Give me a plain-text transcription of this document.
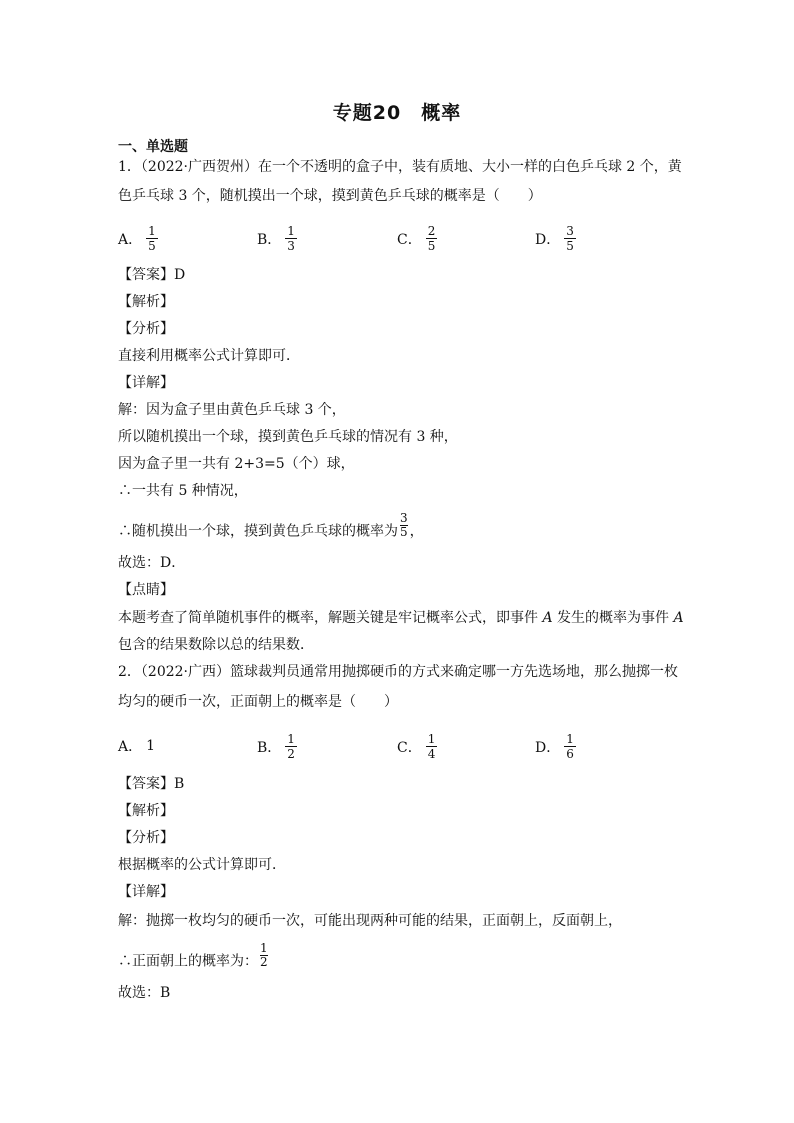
专题20　概率
一、单选题
1．（2022·广西贺州）在一个不透明的盒子中，装有质地、大小一样的白色乒乓球 2 个，黄
色乒乓球 3 个，随机摸出一个球，摸到黄色乒乓球的概率是（　　）
A． $\frac{1}{5}$	B． $\frac{1}{3}$	C． $\frac{2}{5}$	D． $\frac{3}{5}$
【答案】D
【解析】
【分析】
直接利用概率公式计算即可．
【详解】
解：因为盒子里由黄色乒乓球 3 个，
所以随机摸出一个球，摸到黄色乒乓球的情况有 3 种，
因为盒子里一共有 2+3=5（个）球，
∴一共有 5 种情况，
∴随机摸出一个球，摸到黄色乒乓球的概率为 $\frac{3}{5}$ ，
故选：D．
【点睛】
本题考查了简单随机事件的概率，解题关键是牢记概率公式，即事件 A 发生的概率为事件 A
包含的结果数除以总的结果数．
2．（2022·广西）篮球裁判员通常用抛掷硬币的方式来确定哪一方先选场地，那么抛掷一枚
均匀的硬币一次，正面朝上的概率是（　　）
A． 1	B． $\frac{1}{2}$	C． $\frac{1}{4}$	D． $\frac{1}{6}$
【答案】B
【解析】
【分析】
根据概率的公式计算即可．
【详解】
解：抛掷一枚均匀的硬币一次，可能出现两种可能的结果，正面朝上，反面朝上，
∴正面朝上的概率为： $\frac{1}{2}$
故选：B
